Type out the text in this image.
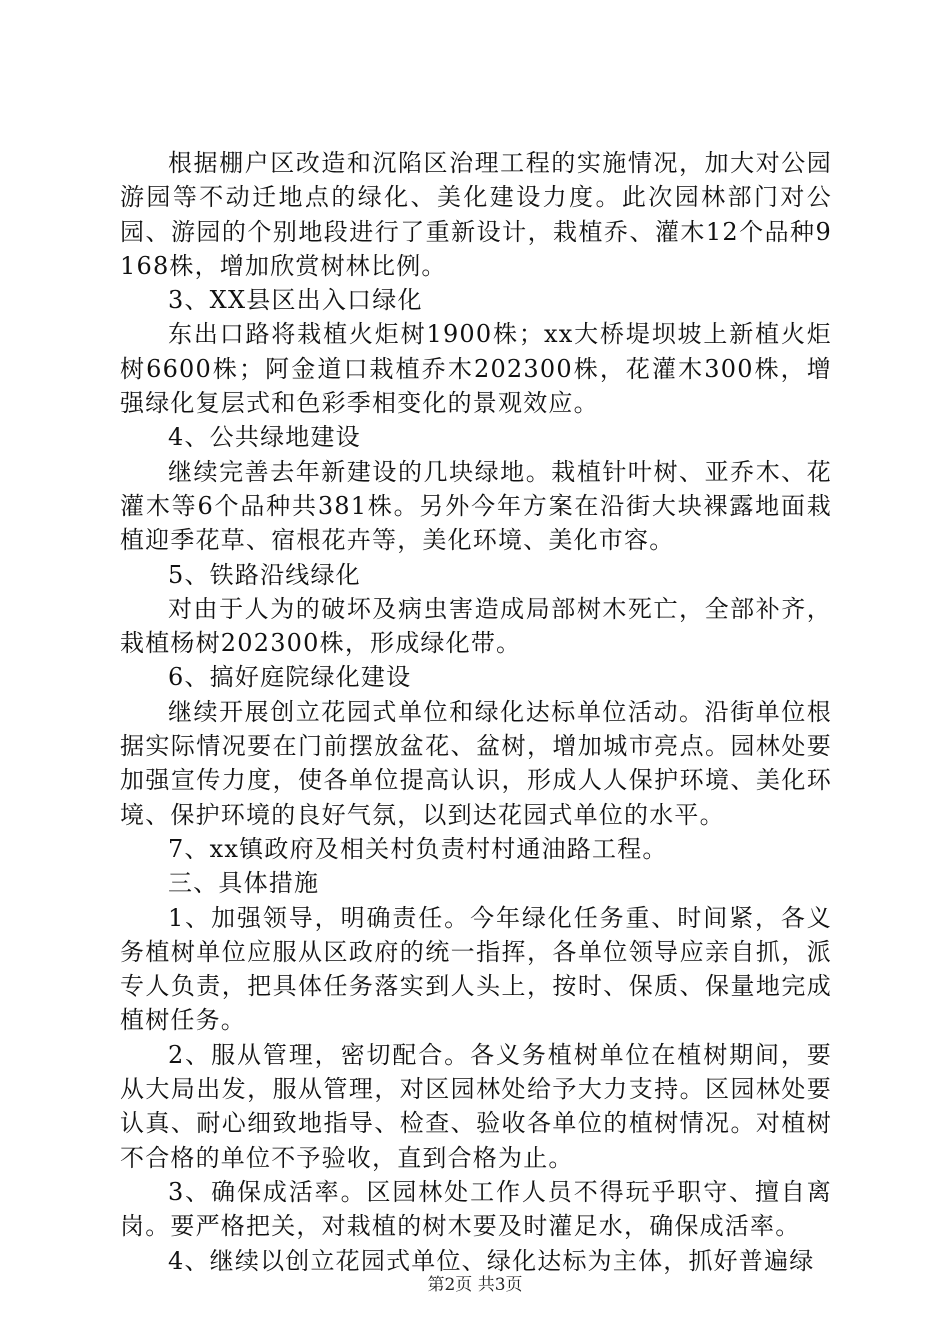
根据棚户区改造和沉陷区治理工程的实施情况，加大对公园游园等不动迁地点的绿化、美化建设力度。此次园林部门对公园、游园的个别地段进行了重新设计，栽植乔、灌木12个品种9168株，增加欣赏树林比例。

3、XX县区出入口绿化

东出口路将栽植火炬树1900株；xx大桥堤坝坡上新植火炬树6600株；阿金道口栽植乔木202300株，花灌木300株，增强绿化复层式和色彩季相变化的景观效应。

4、公共绿地建设

继续完善去年新建设的几块绿地。栽植针叶树、亚乔木、花灌木等6个品种共381株。另外今年方案在沿街大块裸露地面栽植迎季花草、宿根花卉等，美化环境、美化市容。

5、铁路沿线绿化

对由于人为的破坏及病虫害造成局部树木死亡，全部补齐，栽植杨树202300株，形成绿化带。

6、搞好庭院绿化建设

继续开展创立花园式单位和绿化达标单位活动。沿街单位根据实际情况要在门前摆放盆花、盆树，增加城市亮点。园林处要加强宣传力度，使各单位提高认识，形成人人保护环境、美化环境、保护环境的良好气氛，以到达花园式单位的水平。

7、xx镇政府及相关村负责村村通油路工程。

三、具体措施

1、加强领导，明确责任。今年绿化任务重、时间紧，各义务植树单位应服从区政府的统一指挥，各单位领导应亲自抓，派专人负责，把具体任务落实到人头上，按时、保质、保量地完成植树任务。

2、服从管理，密切配合。各义务植树单位在植树期间，要从大局出发，服从管理，对区园林处给予大力支持。区园林处要认真、耐心细致地指导、检查、验收各单位的植树情况。对植树不合格的单位不予验收，直到合格为止。

3、确保成活率。区园林处工作人员不得玩乎职守、擅自离岗。要严格把关，对栽植的树木要及时灌足水，确保成活率。

4、继续以创立花园式单位、绿化达标为主体，抓好普遍绿

第2页 共3页
